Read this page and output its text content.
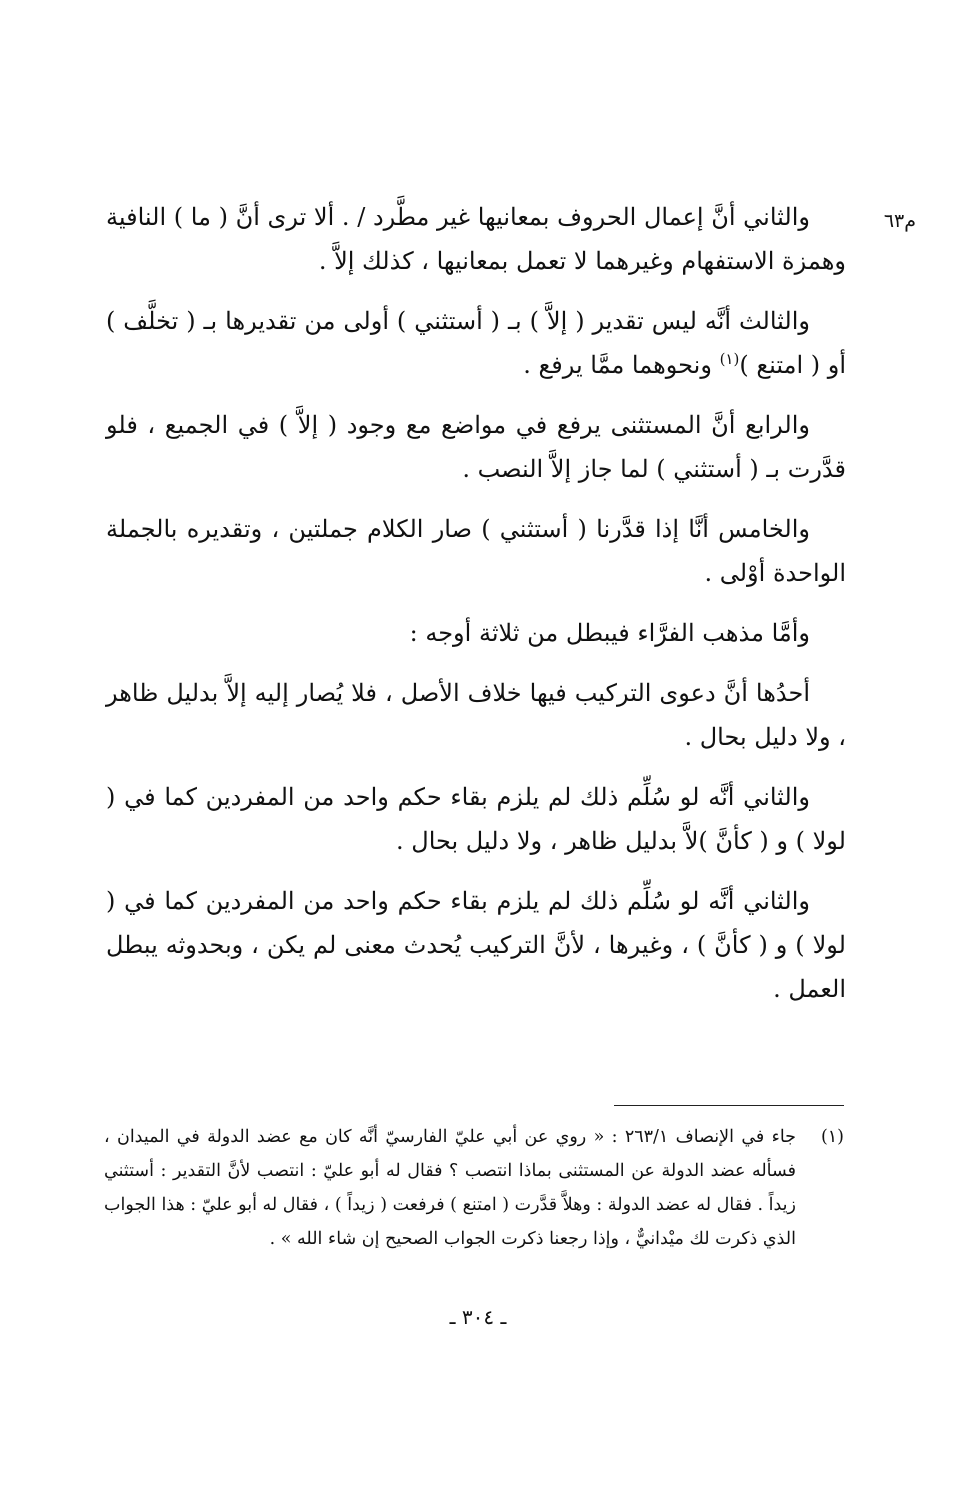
م٦٣

والثاني أنَّ إعمال الحروف بمعانيها غير مطَّرد / . ألا ترى أنَّ ( ما ) النافية وهمزة الاستفهام وغيرهما لا تعمل بمعانيها ، كذلك إلاَّ .

والثالث أنَّه ليس تقدير ( إلاَّ ) بـ ( أستثني ) أولى من تقديرها بـ ( تخلَّف ) أو ( امتنع )$^{(١)}$ ونحوهما ممَّا يرفع .

والرابع أنَّ المستثنى يرفع في مواضع مع وجود ( إلاَّ ) في الجميع ، فلو قدَّرت بـ ( أستثني ) لما جاز إلاَّ النصب .

والخامس أنَّا إذا قدَّرنا ( أستثني ) صار الكلام جملتين ، وتقديره بالجملة الواحدة أوْلى .

وأمَّا مذهب الفرَّاء فيبطل من ثلاثة أوجه :

أحدُها أنَّ دعوى التركيب فيها خلاف الأصل ، فلا يُصار إليه إلاَّ بدليل ظاهر ، ولا دليل بحال .

والثاني أنَّه لو سُلِّم ذلك لم يلزم بقاء حكم واحد من المفردين كما في ( لولا ) و ( كأنَّ )لاَّ بدليل ظاهر ، ولا دليل بحال .

والثاني أنَّه لو سُلِّم ذلك لم يلزم بقاء حكم واحد من المفردين كما في ( لولا ) و ( كأنَّ ) ، وغيرها ، لأنَّ التركيب يُحدث معنى لم يكن ، وبحدوثه يبطل العمل .

(١)
جاء في الإنصاف ٢٦٣/١ : « روي عن أبي عليّ الفارسيّ أنَّه كان مع عضد الدولة في الميدان ، فسأله عضد الدولة عن المستثنى بماذا انتصب ؟ فقال له أبو عليّ : انتصب لأنَّ التقدير : أستثني زيداً . فقال له عضد الدولة : وهلاَّ قدَّرت ( امتنع ) فرفعت ( زيداً ) ، فقال له أبو عليّ : هذا الجواب الذي ذكرت لك ميْدانيٌّ ، وإذا رجعنا ذكرت الجواب الصحيح إن شاء الله » .
ـ ٣٠٤ ـ
